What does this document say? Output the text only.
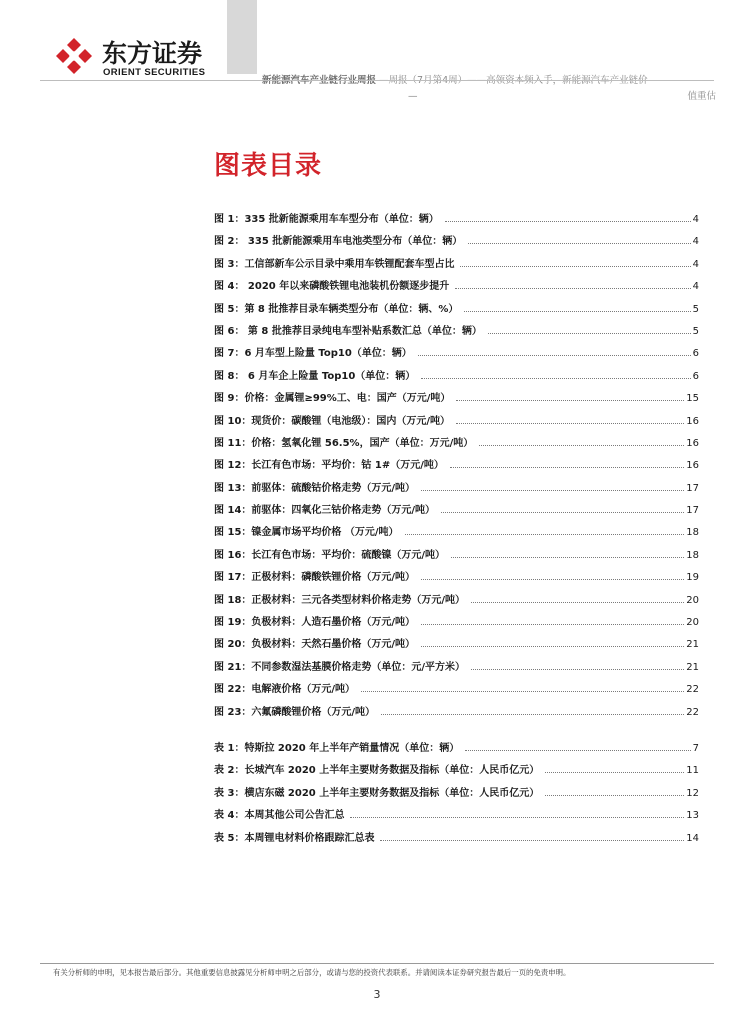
东方证券
ORIENT SECURITIES
—	值重估
图表目录
图 1：335 批新能源乘用车车型分布（单位：辆）	4
图 2： 335 批新能源乘用车电池类型分布（单位：辆）	4
图 3：工信部新车公示目录中乘用车铁锂配套车型占比	4
图 4： 2020 年以来磷酸铁锂电池装机份额逐步提升	4
图 5：第 8 批推荐目录车辆类型分布（单位：辆、%）	5
图 6： 第 8 批推荐目录纯电车型补贴系数汇总（单位：辆）	5
图 7：6 月车型上险量 Top10（单位：辆）	6
图 8： 6 月车企上险量 Top10（单位：辆）	6
图 9：价格：金属锂≥99%工、电：国产（万元/吨）	15
图 10：现货价：碳酸锂（电池级）：国内（万元/吨）	16
图 11：价格：氢氧化锂 56.5%，国产（单位：万元/吨）	16
图 12：长江有色市场：平均价：钴 1#（万元/吨）	16
图 13：前驱体：硫酸钴价格走势（万元/吨）	17
图 14：前驱体：四氧化三钴价格走势（万元/吨）	17
图 15：镍金属市场平均价格 （万元/吨）	18
图 16：长江有色市场：平均价：硫酸镍（万元/吨）	18
图 17：正极材料：磷酸铁锂价格（万元/吨）	19
图 18：正极材料：三元各类型材料价格走势（万元/吨）	20
图 19：负极材料：人造石墨价格（万元/吨）	20
图 20：负极材料：天然石墨价格（万元/吨）	21
图 21：不同参数湿法基膜价格走势（单位：元/平方米）	21
图 22：电解液价格（万元/吨）	22
图 23：六氟磷酸锂价格（万元/吨）	22
表 1：特斯拉 2020 年上半年产销量情况（单位：辆）	7
表 2：长城汽车 2020 上半年主要财务数据及指标（单位：人民币亿元）	11
表 3：横店东磁 2020 上半年主要财务数据及指标（单位：人民币亿元）	12
表 4：本周其他公司公告汇总	13
表 5：本周锂电材料价格跟踪汇总表	14
有关分析师的申明，见本报告最后部分。其他重要信息披露见分析师申明之后部分，或请与您的投资代表联系。并请阅读本证券研究报告最后一页的免责申明。
3
